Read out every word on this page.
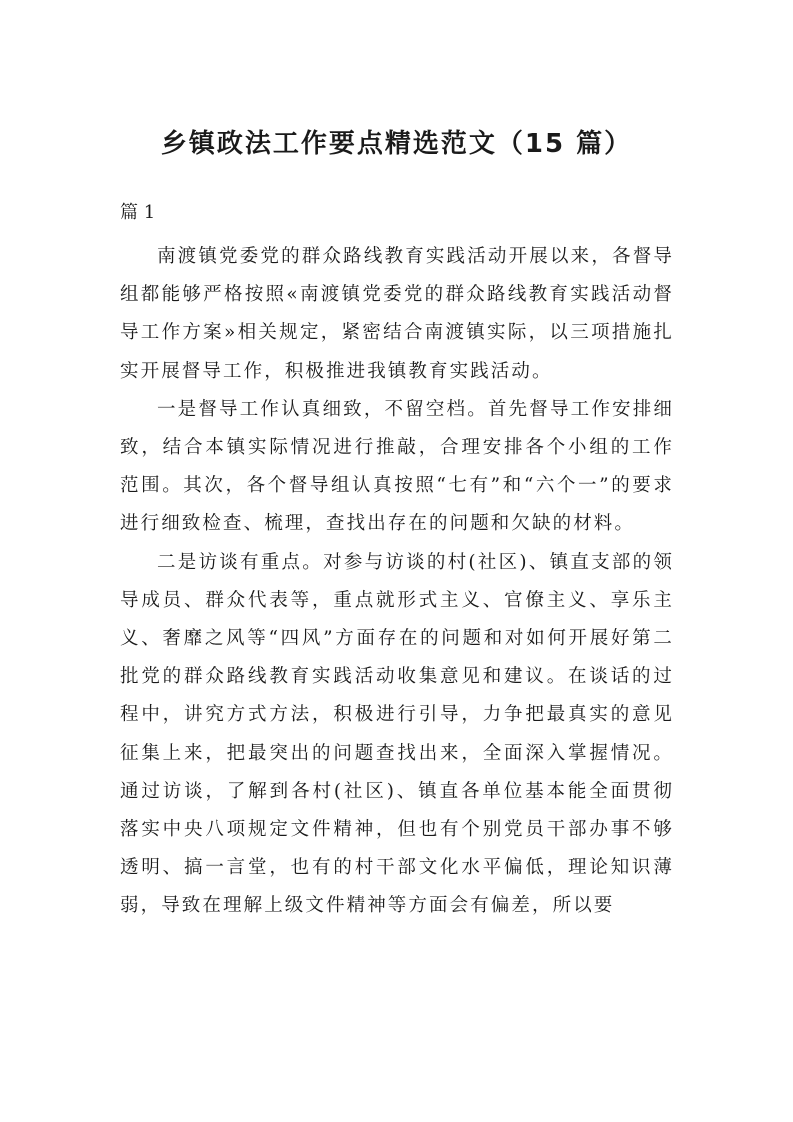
乡镇政法工作要点精选范文（15 篇）

篇 1

南渡镇党委党的群众路线教育实践活动开展以来，各督导组都能够严格按照«南渡镇党委党的群众路线教育实践活动督导工作方案»相关规定，紧密结合南渡镇实际，以三项措施扎实开展督导工作，积极推进我镇教育实践活动。

一是督导工作认真细致，不留空档。首先督导工作安排细致，结合本镇实际情况进行推敲，合理安排各个小组的工作范围。其次，各个督导组认真按照“七有”和“六个一”的要求进行细致检查、梳理，查找出存在的问题和欠缺的材料。

二是访谈有重点。对参与访谈的村(社区)、镇直支部的领导成员、群众代表等，重点就形式主义、官僚主义、享乐主义、奢靡之风等“四风”方面存在的问题和对如何开展好第二批党的群众路线教育实践活动收集意见和建议。在谈话的过程中，讲究方式方法，积极进行引导，力争把最真实的意见征集上来，把最突出的问题查找出来，全面深入掌握情况。通过访谈，了解到各村(社区)、镇直各单位基本能全面贯彻落实中央八项规定文件精神，但也有个别党员干部办事不够透明、搞一言堂，也有的村干部文化水平偏低，理论知识薄弱，导致在理解上级文件精神等方面会有偏差，所以要
